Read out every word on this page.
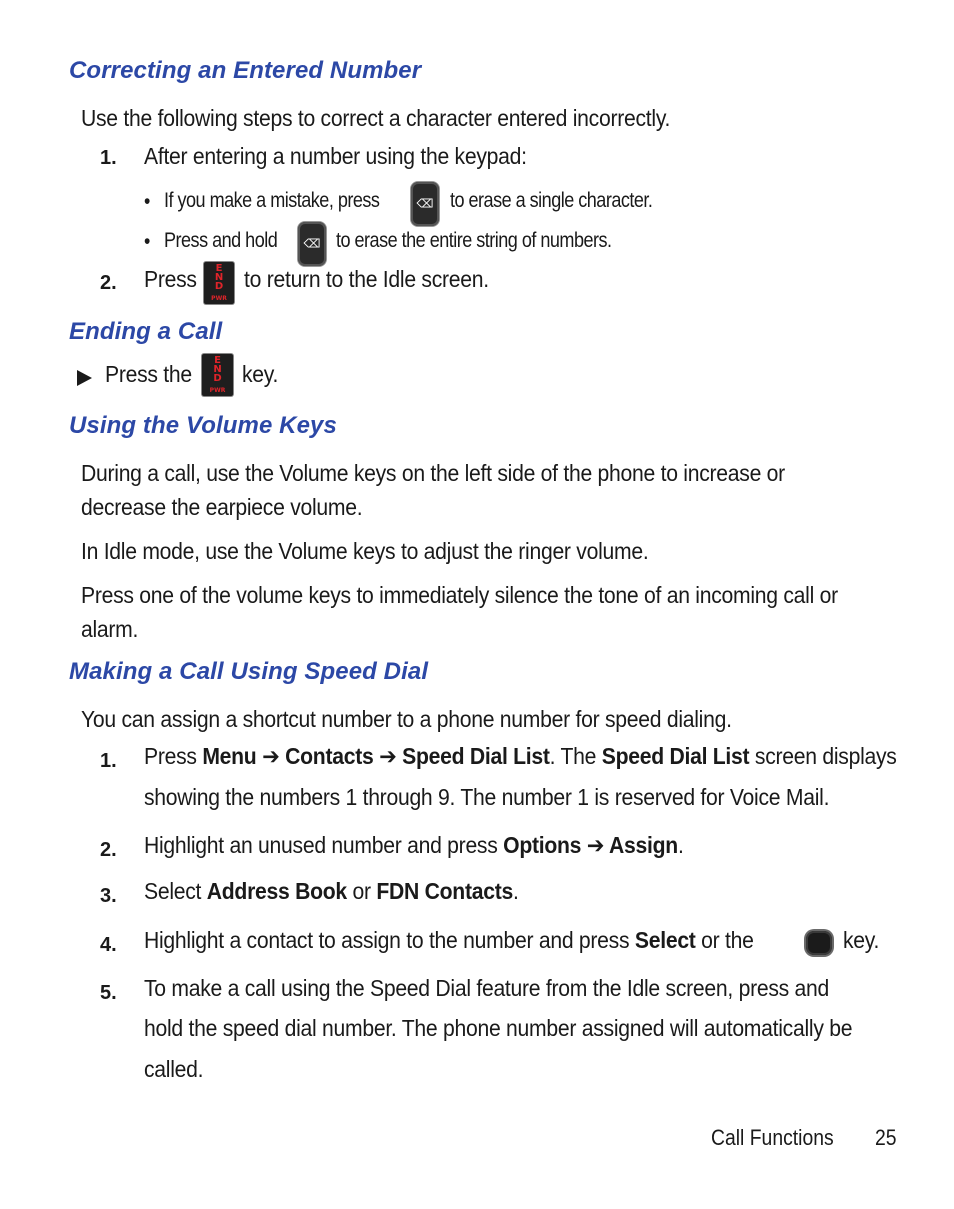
Correcting an Entered Number
Use the following steps to correct a character entered incorrectly.
1. After entering a number using the keypad:
• If you make a mistake, press	⌫ to erase a single character.
• Press and hold	⌫ to erase the entire string of numbers.
2. Press	E
N
D
PWR
to return to the Idle screen.
Ending a Call
Press the
E
N
D
PWR
key.
Using the Volume Keys
During a call, use the Volume keys on the left side of the phone to increase or
decrease the earpiece volume.
In Idle mode, use the Volume keys to adjust the ringer volume.
Press one of the volume keys to immediately silence the tone of an incoming call or
alarm.
Making a Call Using Speed Dial
You can assign a shortcut number to a phone number for speed dialing.
1. Press Menu ➔ Contacts ➔ Speed Dial List. The Speed Dial List screen displays
showing the numbers 1 through 9. The number 1 is reserved for Voice Mail.
2. Highlight an unused number and press Options ➔ Assign.
3. Select Address Book or FDN Contacts.
4. Highlight a contact to assign to the number and press Select or the	key.
5. To make a call using the Speed Dial feature from the Idle screen, press and
hold the speed dial number. The phone number assigned will automatically be
called.
Call Functions 25
